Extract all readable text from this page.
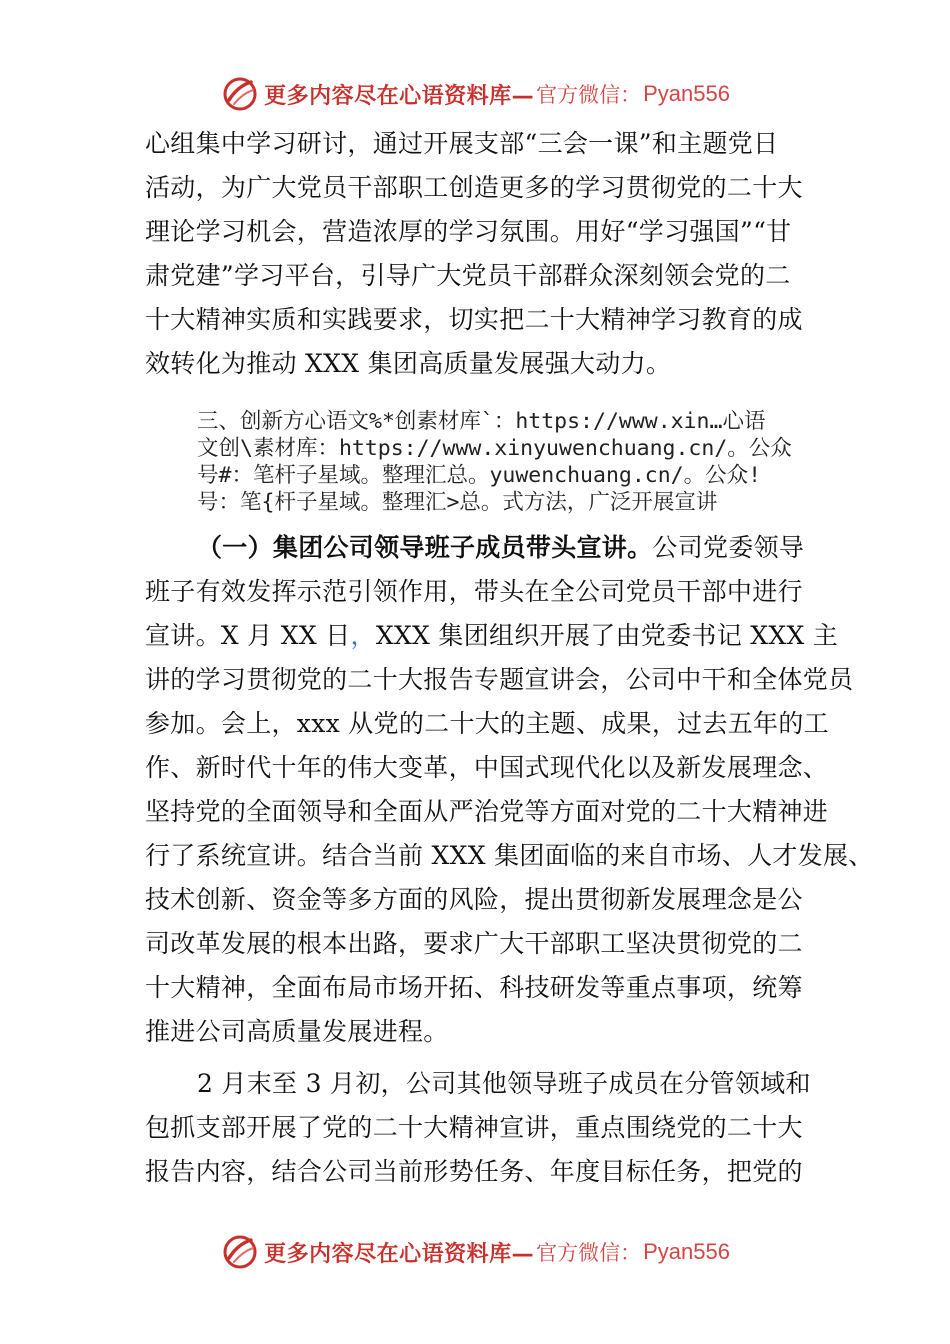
更多内容尽在心语资料库— 官方微信： Pyan556
心组集中学习研讨，通过开展支部“三会一课”和主题党日
活动，为广大党员干部职工创造更多的学习贯彻党的二十大
理论学习机会，营造浓厚的学习氛围。用好“学习强国”“甘
肃党建”学习平台，引导广大党员干部群众深刻领会党的二
十大精神实质和实践要求，切实把二十大精神学习教育的成
效转化为推动 XXX 集团高质量发展强大动力。
三、创新方心语文%*创素材库`：https://www.xin…心语
文创\素材库：https://www.xinyuwenchuang.cn/。公众
号#：笔杆子星域。整理汇总。yuwenchuang.cn/。公众!
号：笔{杆子星域。整理汇>总。式方法，广泛开展宣讲
（一）集团公司领导班子成员带头宣讲。公司党委领导
班子有效发挥示范引领作用，带头在全公司党员干部中进行
宣讲。X 月 XX 日，XXX 集团组织开展了由党委书记 XXX 主
讲的学习贯彻党的二十大报告专题宣讲会，公司中干和全体党员
参加。会上，xxx 从党的二十大的主题、成果，过去五年的工
作、新时代十年的伟大变革，中国式现代化以及新发展理念、
坚持党的全面领导和全面从严治党等方面对党的二十大精神进
行了系统宣讲。结合当前 XXX 集团面临的来自市场、人才发展、
技术创新、资金等多方面的风险，提出贯彻新发展理念是公
司改革发展的根本出路，要求广大干部职工坚决贯彻党的二
十大精神，全面布局市场开拓、科技研发等重点事项，统筹
推进公司高质量发展进程。
2 月末至 3 月初，公司其他领导班子成员在分管领域和
包抓支部开展了党的二十大精神宣讲，重点围绕党的二十大
报告内容，结合公司当前形势任务、年度目标任务，把党的
更多内容尽在心语资料库— 官方微信： Pyan556
